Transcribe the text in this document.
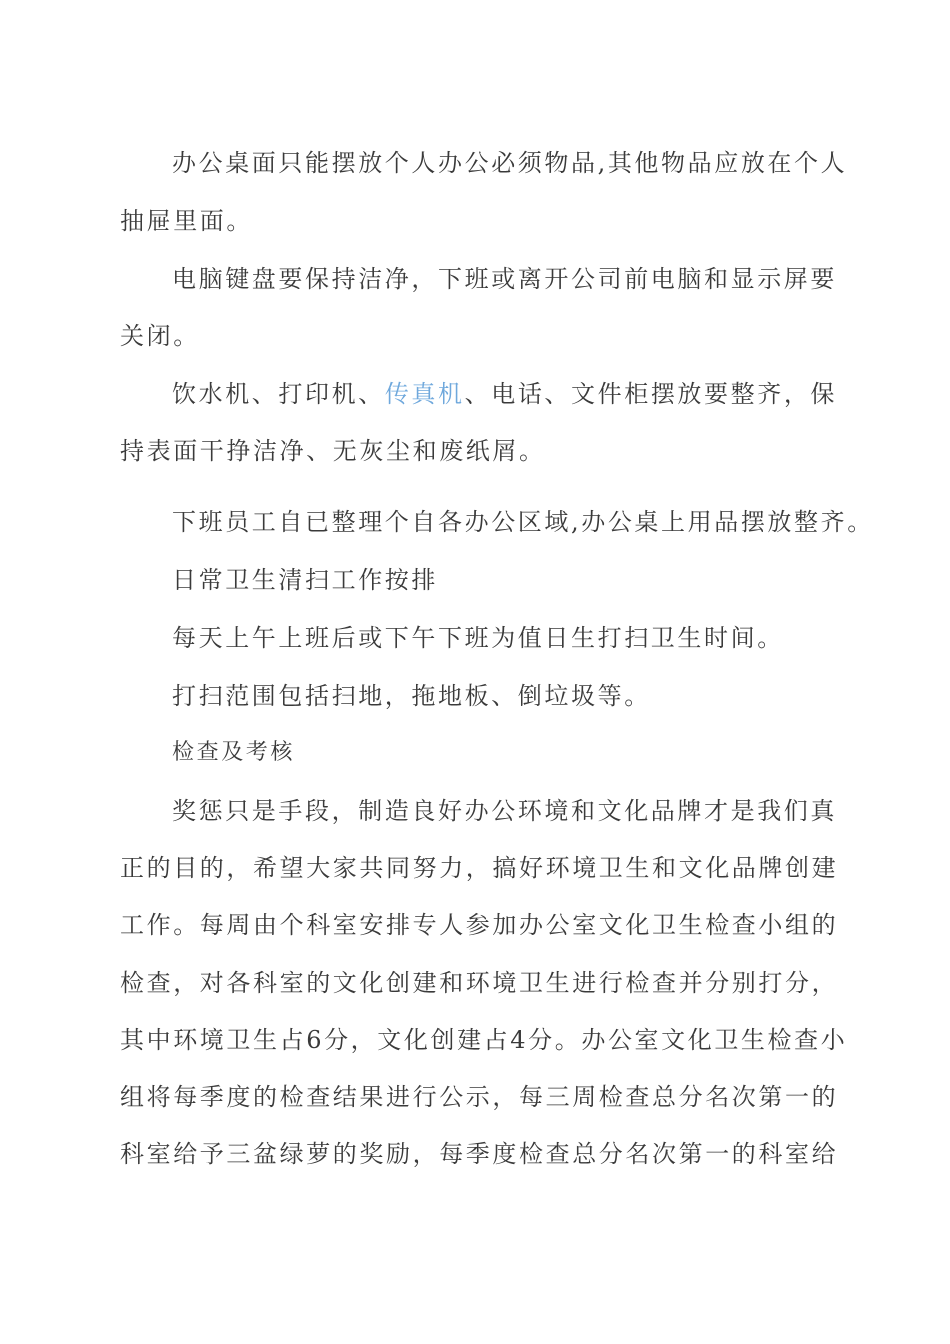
办公桌面只能摆放个人办公必须物品,其他物品应放在个人
抽屉里面。
电脑键盘要保持洁净，下班或离开公司前电脑和显示屏要
关闭。
饮水机、打印机、传真机、电话、文件柜摆放要整齐，保
持表面干挣洁净、无灰尘和废纸屑。
下班员工自已整理个自各办公区域,办公桌上用品摆放整齐。
日常卫生清扫工作按排
每天上午上班后或下午下班为值日生打扫卫生时间。
打扫范围包括扫地，拖地板、倒垃圾等。
检查及考核
奖惩只是手段，制造良好办公环境和文化品牌才是我们真
正的目的，希望大家共同努力，搞好环境卫生和文化品牌创建
工作。每周由个科室安排专人参加办公室文化卫生检查小组的
检查，对各科室的文化创建和环境卫生进行检查并分别打分，
其中环境卫生占6分，文化创建占4分。办公室文化卫生检查小
组将每季度的检查结果进行公示，每三周检查总分名次第一的
科室给予三盆绿萝的奖励，每季度检查总分名次第一的科室给
